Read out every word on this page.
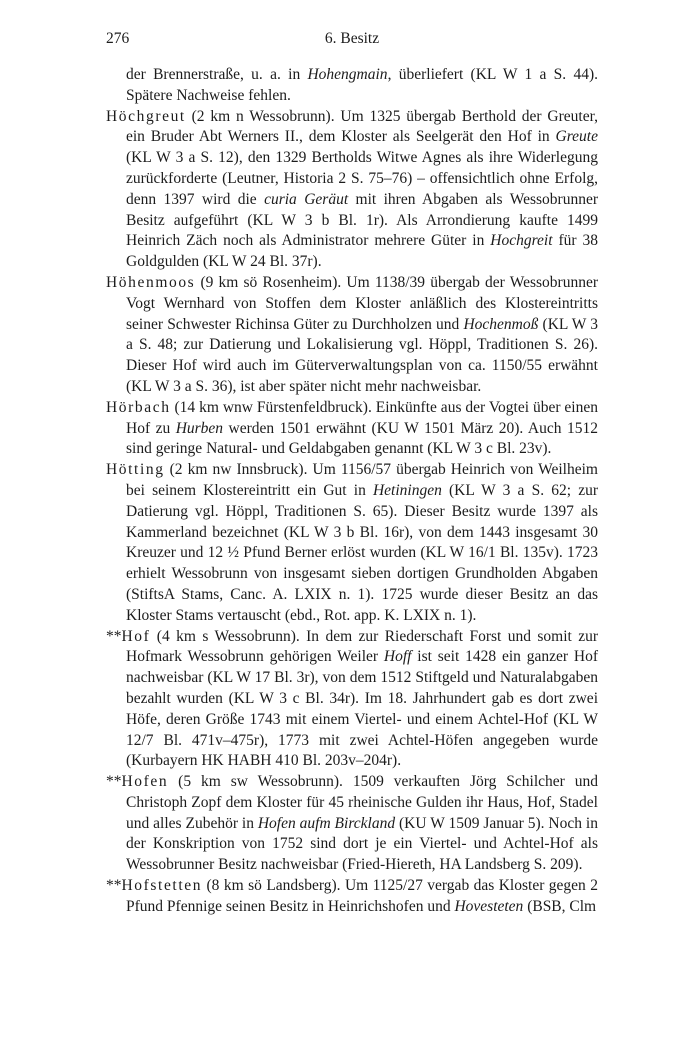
276	6. Besitz

der Brennerstraße, u. a. in Hohengmain, überliefert (KL W 1 a S. 44). Spätere Nachweise fehlen.

Höchgreut (2 km n Wessobrunn). Um 1325 übergab Berthold der Greuter, ein Bruder Abt Werners II., dem Kloster als Seelgerät den Hof in Greute (KL W 3 a S. 12), den 1329 Bertholds Witwe Agnes als ihre Widerlegung zurückforderte (Leutner, Historia 2 S. 75–76) – offensichtlich ohne Erfolg, denn 1397 wird die curia Geräut mit ihren Abgaben als Wessobrunner Besitz aufgeführt (KL W 3 b Bl. 1r). Als Arrondierung kaufte 1499 Heinrich Zäch noch als Administrator mehrere Güter in Hochgreit für 38 Goldgulden (KL W 24 Bl. 37r).

Höhenmoos (9 km sö Rosenheim). Um 1138/39 übergab der Wessobrunner Vogt Wernhard von Stoffen dem Kloster anläßlich des Klostereintritts seiner Schwester Richinsa Güter zu Durchholzen und Hochenmoß (KL W 3 a S. 48; zur Datierung und Lokalisierung vgl. Höppl, Traditionen S. 26). Dieser Hof wird auch im Güterverwaltungsplan von ca. 1150/55 erwähnt (KL W 3 a S. 36), ist aber später nicht mehr nachweisbar.

Hörbach (14 km wnw Fürstenfeldbruck). Einkünfte aus der Vogtei über einen Hof zu Hurben werden 1501 erwähnt (KU W 1501 März 20). Auch 1512 sind geringe Natural- und Geldabgaben genannt (KL W 3 c Bl. 23v).

Hötting (2 km nw Innsbruck). Um 1156/57 übergab Heinrich von Weilheim bei seinem Klostereintritt ein Gut in Hetiningen (KL W 3 a S. 62; zur Datierung vgl. Höppl, Traditionen S. 65). Dieser Besitz wurde 1397 als Kammerland bezeichnet (KL W 3 b Bl. 16r), von dem 1443 insgesamt 30 Kreuzer und 12 ½ Pfund Berner erlöst wurden (KL W 16/1 Bl. 135v). 1723 erhielt Wessobrunn von insgesamt sieben dortigen Grundholden Abgaben (StiftsA Stams, Canc. A. LXIX n. 1). 1725 wurde dieser Besitz an das Kloster Stams vertauscht (ebd., Rot. app. K. LXIX n. 1).

**Hof (4 km s Wessobrunn). In dem zur Riederschaft Forst und somit zur Hofmark Wessobrunn gehörigen Weiler Hoff ist seit 1428 ein ganzer Hof nachweisbar (KL W 17 Bl. 3r), von dem 1512 Stiftgeld und Naturalabgaben bezahlt wurden (KL W 3 c Bl. 34r). Im 18. Jahrhundert gab es dort zwei Höfe, deren Größe 1743 mit einem Viertel- und einem Achtel-Hof (KL W 12/7 Bl. 471v–475r), 1773 mit zwei Achtel-Höfen angegeben wurde (Kurbayern HK HABH 410 Bl. 203v–204r).

**Hofen (5 km sw Wessobrunn). 1509 verkauften Jörg Schilcher und Christoph Zopf dem Kloster für 45 rheinische Gulden ihr Haus, Hof, Stadel und alles Zubehör in Hofen aufm Birckland (KU W 1509 Januar 5). Noch in der Konskription von 1752 sind dort je ein Viertel- und Achtel-Hof als Wessobrunner Besitz nachweisbar (Fried-Hiereth, HA Landsberg S. 209).

**Hofstetten (8 km sö Landsberg). Um 1125/27 vergab das Kloster gegen 2 Pfund Pfennige seinen Besitz in Heinrichshofen und Hovesteten (BSB, Clm
